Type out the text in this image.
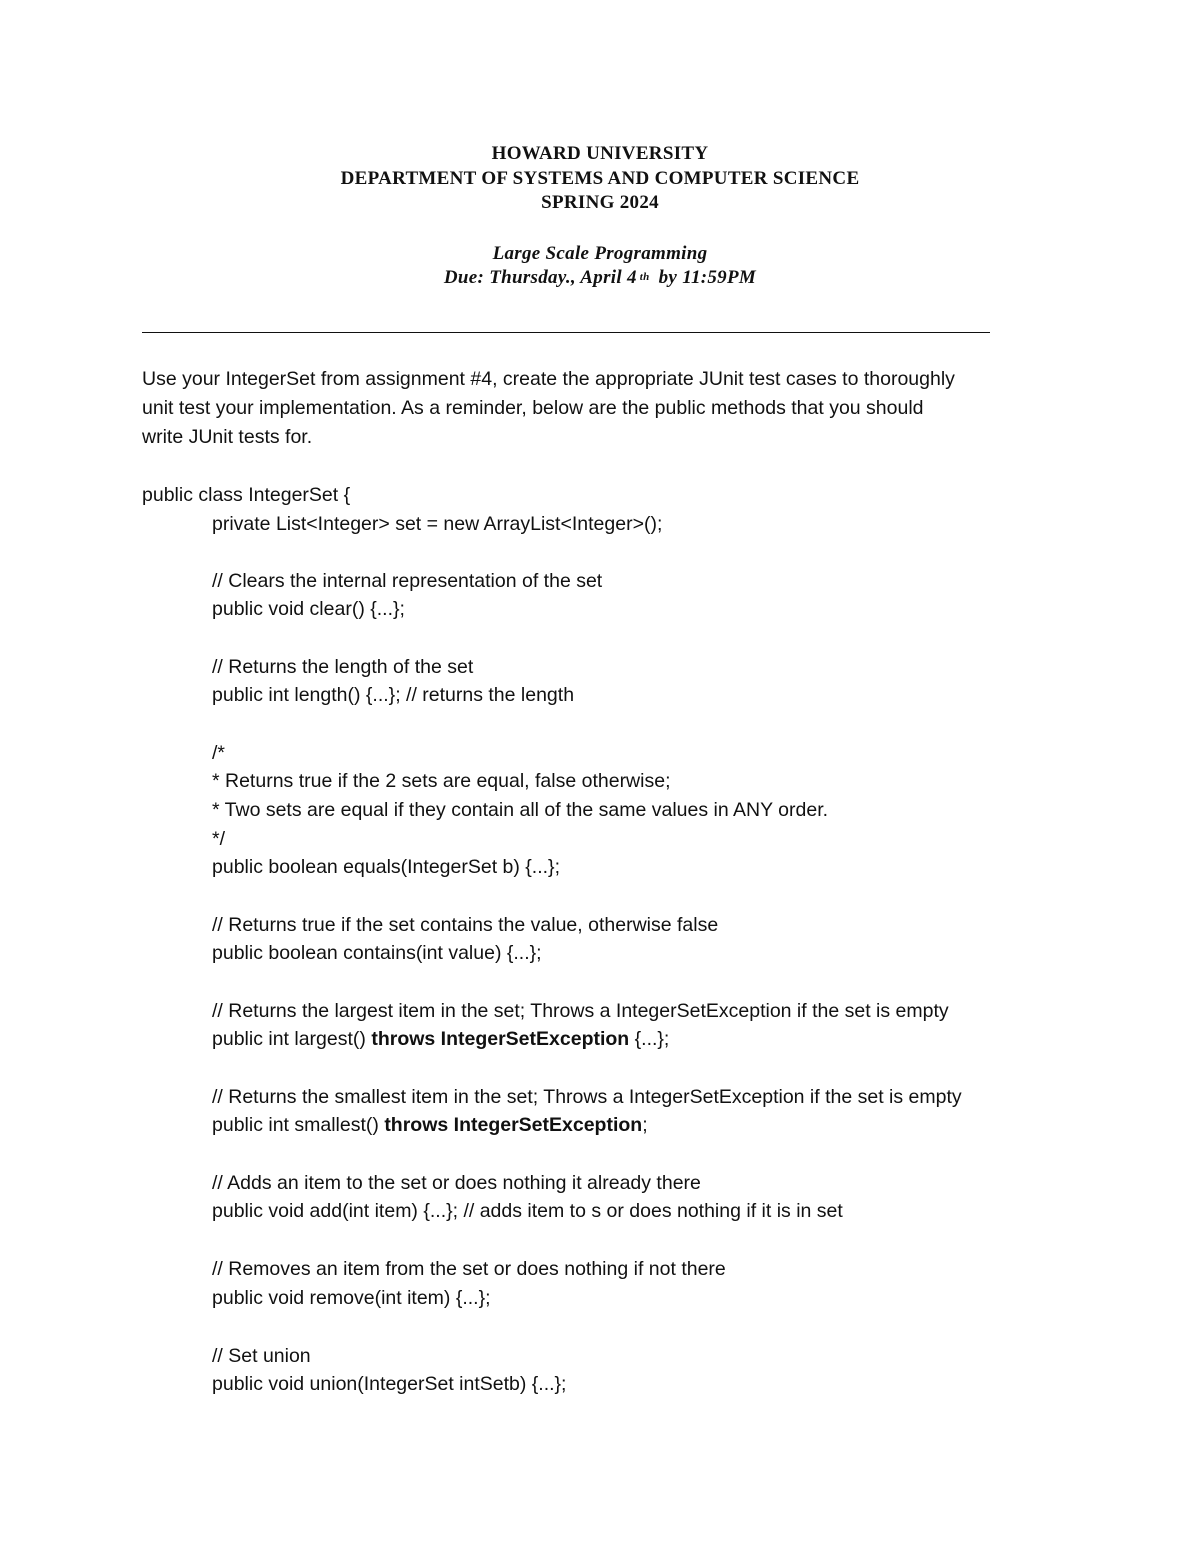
HOWARD UNIVERSITY
DEPARTMENT OF SYSTEMS AND COMPUTER SCIENCE
SPRING 2024
Large Scale Programming
Due: Thursday., April 4 $^{th}$ by 11:59PM
Use your IntegerSet from assignment #4, create the appropriate JUnit test cases to thoroughly
unit test your implementation. As a reminder, below are the public methods that you should
write JUnit tests for.
public class IntegerSet {
private List<Integer> set = new ArrayList<Integer>();
// Clears the internal representation of the set
public void clear() {...};
// Returns the length of the set
public int length() {...}; // returns the length
/*
* Returns true if the 2 sets are equal, false otherwise;
* Two sets are equal if they contain all of the same values in ANY order.
*/
public boolean equals(IntegerSet b) {...};
// Returns true if the set contains the value, otherwise false
public boolean contains(int value) {...};
// Returns the largest item in the set; Throws a IntegerSetException if the set is empty
public int largest() throws IntegerSetException {...};
// Returns the smallest item in the set; Throws a IntegerSetException if the set is empty
public int smallest() throws IntegerSetException;
// Adds an item to the set or does nothing it already there
public void add(int item) {...}; // adds item to s or does nothing if it is in set
// Removes an item from the set or does nothing if not there
public void remove(int item) {...};
// Set union
public void union(IntegerSet intSetb) {...};
